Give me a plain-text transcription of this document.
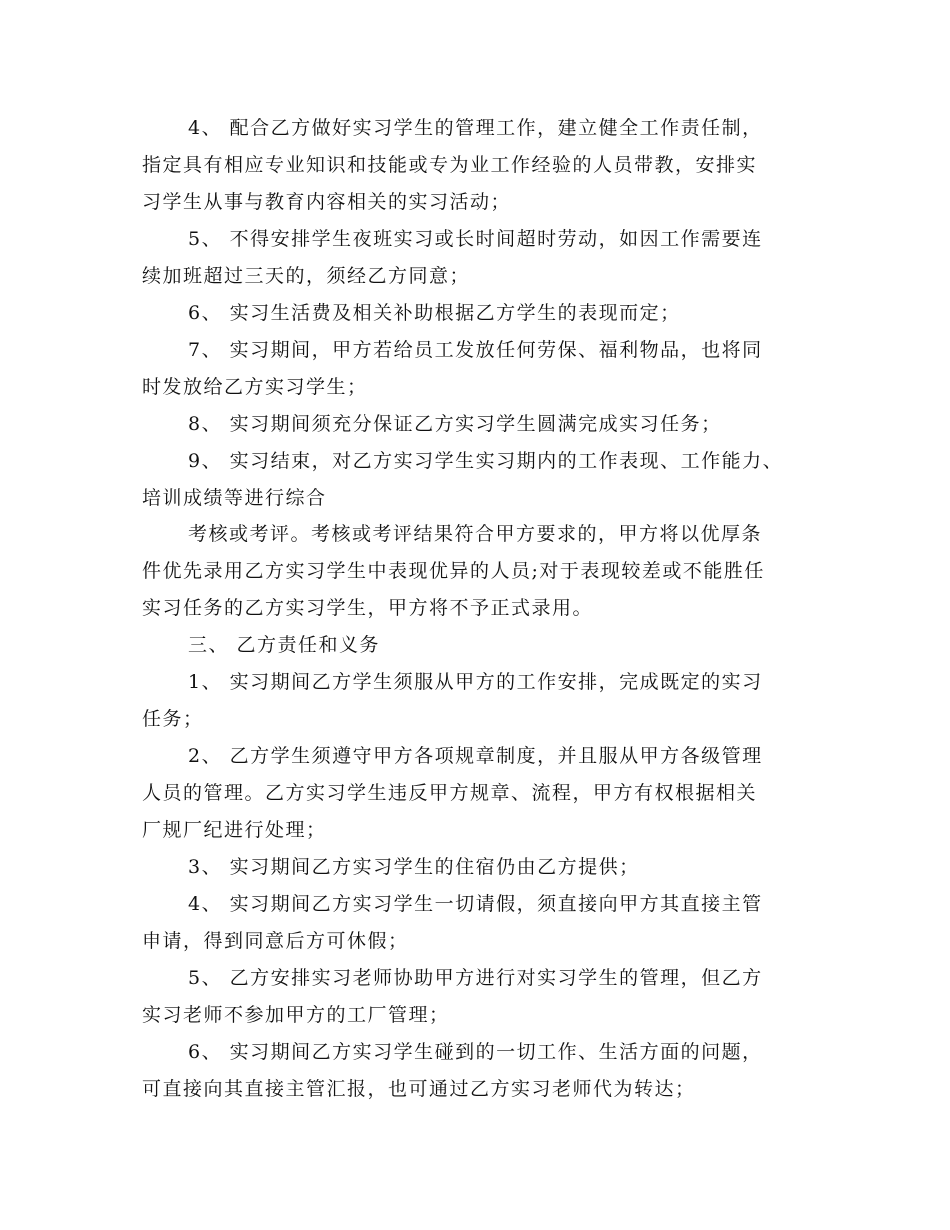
4、 配合乙方做好实习学生的管理工作，建立健全工作责任制，

指定具有相应专业知识和技能或专为业工作经验的人员带教，安排实

习学生从事与教育内容相关的实习活动；

5、 不得安排学生夜班实习或长时间超时劳动，如因工作需要连

续加班超过三天的，须经乙方同意；

6、 实习生活费及相关补助根据乙方学生的表现而定；

7、 实习期间，甲方若给员工发放任何劳保、福利物品，也将同

时发放给乙方实习学生；

8、 实习期间须充分保证乙方实习学生圆满完成实习任务；

9、 实习结束，对乙方实习学生实习期内的工作表现、工作能力、

培训成绩等进行综合

考核或考评。考核或考评结果符合甲方要求的，甲方将以优厚条

件优先录用乙方实习学生中表现优异的人员;对于表现较差或不能胜任

实习任务的乙方实习学生，甲方将不予正式录用。

三、 乙方责任和义务

1、 实习期间乙方学生须服从甲方的工作安排，完成既定的实习

任务；

2、 乙方学生须遵守甲方各项规章制度，并且服从甲方各级管理

人员的管理。乙方实习学生违反甲方规章、流程，甲方有权根据相关

厂规厂纪进行处理；

3、 实习期间乙方实习学生的住宿仍由乙方提供；

4、 实习期间乙方实习学生一切请假，须直接向甲方其直接主管

申请，得到同意后方可休假；

5、 乙方安排实习老师协助甲方进行对实习学生的管理，但乙方

实习老师不参加甲方的工厂管理；

6、 实习期间乙方实习学生碰到的一切工作、生活方面的问题，

可直接向其直接主管汇报，也可通过乙方实习老师代为转达；
